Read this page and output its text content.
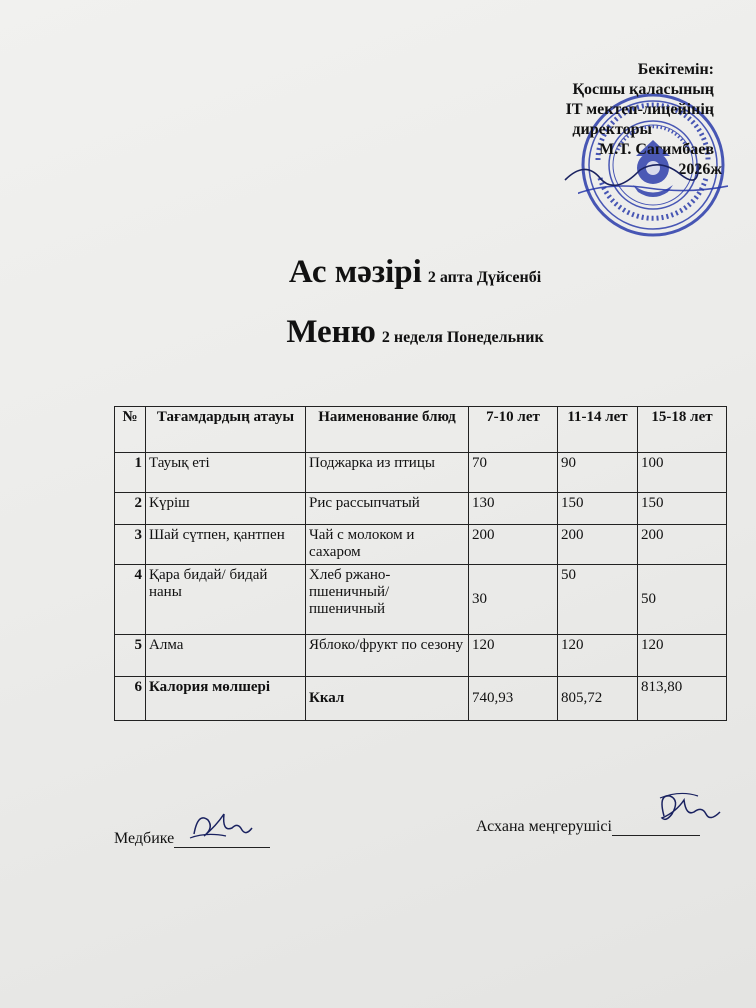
Бекітемін:
Қосшы қаласының
IT мектеп-лицейінің
директоры
М.Т. Сагимбаев
2026ж
Ас мәзірі 2 апта Дүйсенбі
Меню 2 неделя Понедельник
№	Тағамдардың атауы	Наименование блюд	7-10 лет	11-14 лет	15-18 лет
1	Тауық еті	Поджарка из птицы	70	90	100
2	Күріш	Рис рассыпчатый	130	150	150
3	Шай сүтпен, қантпен	Чай с молоком и сахаром	200	200	200
4	Қара бидай/ бидай наны	Хлеб ржано-пшеничный/ пшеничный	30	50	50
5	Алма	Яблоко/фрукт по сезону	120	120	120
6	Калория мөлшері	Ккал	740,93	805,72	813,80
Медбике
Асхана меңгерушісі
